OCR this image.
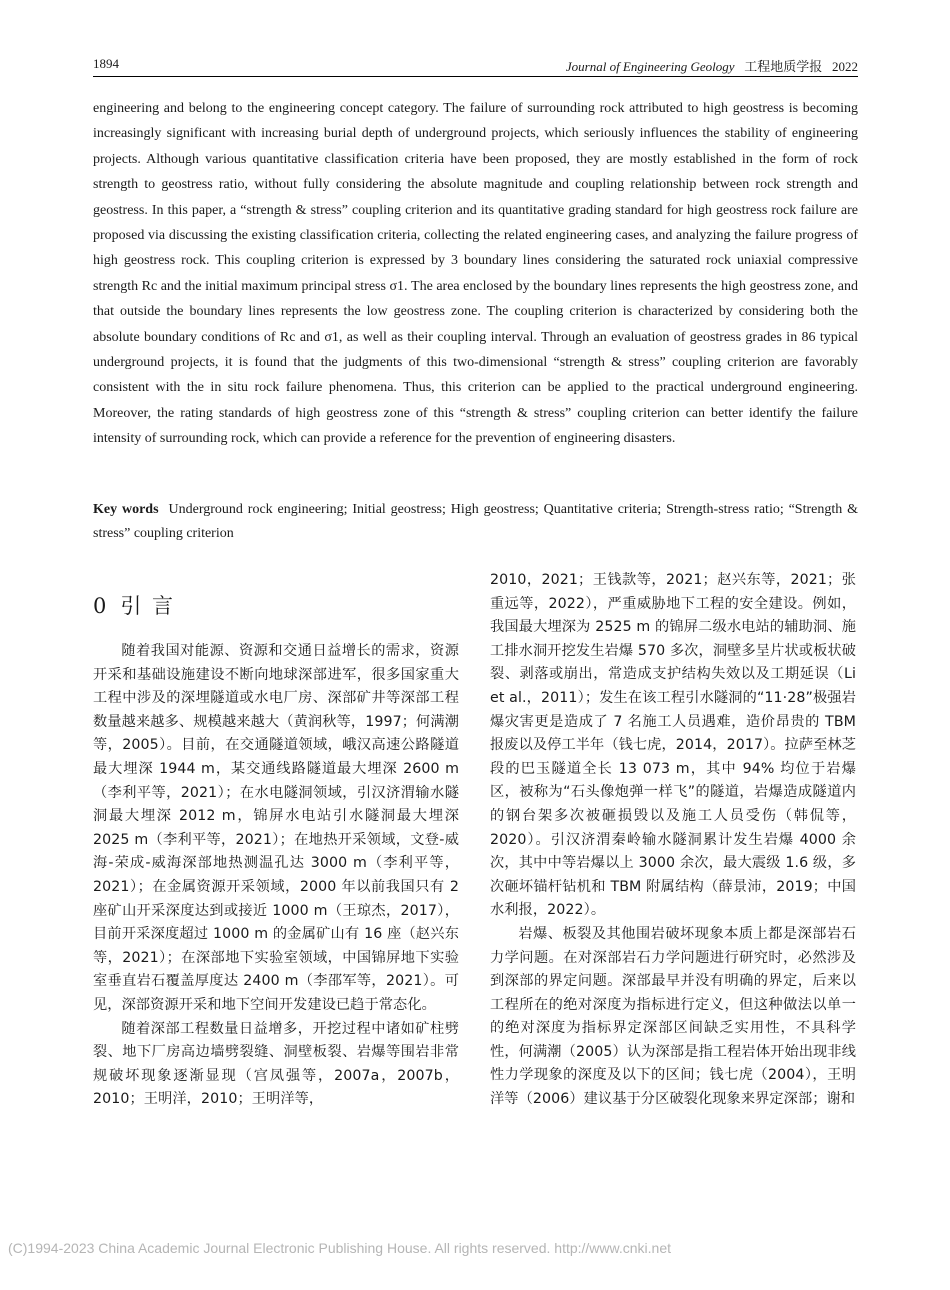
1894	Journal of Engineering Geology 工程地质学报 2022

engineering and belong to the engineering concept category. The failure of surrounding rock attributed to high geostress is becoming increasingly significant with increasing burial depth of underground projects, which seriously influences the stability of engineering projects. Although various quantitative classification criteria have been proposed, they are mostly established in the form of rock strength to geostress ratio, without fully considering the absolute magnitude and coupling relationship between rock strength and geostress. In this paper, a “strength & stress” coupling criterion and its quantitative grading standard for high geostress rock failure are proposed via discussing the existing classification criteria, collecting the related engineering cases, and analyzing the failure progress of high geostress rock. This coupling criterion is expressed by 3 boundary lines considering the saturated rock uniaxial compressive strength Rc and the initial maximum principal stress σ1. The area enclosed by the boundary lines represents the high geostress zone, and that outside the boundary lines represents the low geostress zone. The coupling criterion is characterized by considering both the absolute boundary conditions of Rc and σ1, as well as their coupling interval. Through an evaluation of geostress grades in 86 typical underground projects, it is found that the judgments of this two-dimensional “strength & stress” coupling criterion are favorably consistent with the in situ rock failure phenomena. Thus, this criterion can be applied to the practical underground engineering. Moreover, the rating standards of high geostress zone of this “strength & stress” coupling criterion can better identify the failure intensity of surrounding rock, which can provide a reference for the prevention of engineering disasters.

Key words Underground rock engineering; Initial geostress; High geostress; Quantitative criteria; Strength-stress ratio; “Strength & stress” coupling criterion

0 引 言

随着我国对能源、资源和交通日益增长的需求，资源开采和基础设施建设不断向地球深部进军，很多国家重大工程中涉及的深埋隧道或水电厂房、深部矿井等深部工程数量越来越多、规模越来越大（黄润秋等，1997；何满潮等，2005）。目前，在交通隧道领域，峨汉高速公路隧道最大埋深 1944 m，某交通线路隧道最大埋深 2600 m（李利平等，2021）；在水电隧洞领域，引汉济渭输水隧洞最大埋深 2012 m，锦屏水电站引水隧洞最大埋深 2025 m（李利平等，2021）；在地热开采领域，文登-威海-荣成-威海深部地热测温孔达 3000 m（李利平等，2021）；在金属资源开采领域，2000 年以前我国只有 2 座矿山开采深度达到或接近 1000 m（王琼杰，2017），目前开采深度超过 1000 m 的金属矿山有 16 座（赵兴东等，2021）；在深部地下实验室领域，中国锦屏地下实验室垂直岩石覆盖厚度达 2400 m（李邵军等，2021）。可见，深部资源开采和地下空间开发建设已趋于常态化。

随着深部工程数量日益增多，开挖过程中诸如矿柱劈裂、地下厂房高边墙劈裂缝、洞壁板裂、岩爆等围岩非常规破坏现象逐渐显现（宫凤强等，2007a，2007b，2010；王明洋，2010；王明洋等，

2010，2021；王钱款等，2021；赵兴东等，2021；张重远等，2022），严重威胁地下工程的安全建设。例如，我国最大埋深为 2525 m 的锦屏二级水电站的辅助洞、施工排水洞开挖发生岩爆 570 多次，洞壁多呈片状或板状破裂、剥落或崩出，常造成支护结构失效以及工期延误（Li et al.，2011）；发生在该工程引水隧洞的“11·28”极强岩爆灾害更是造成了 7 名施工人员遇难，造价昂贵的 TBM 报废以及停工半年（钱七虎，2014，2017）。拉萨至林芝段的巴玉隧道全长 13 073 m，其中 94% 均位于岩爆区，被称为“石头像炮弹一样飞”的隧道，岩爆造成隧道内的钢台架多次被砸损毁以及施工人员受伤（韩侃等，2020）。引汉济渭秦岭输水隧洞累计发生岩爆 4000 余次，其中中等岩爆以上 3000 余次，最大震级 1.6 级，多次砸坏锚杆钻机和 TBM 附属结构（薛景沛，2019；中国水利报，2022）。

岩爆、板裂及其他围岩破坏现象本质上都是深部岩石力学问题。在对深部岩石力学问题进行研究时，必然涉及到深部的界定问题。深部最早并没有明确的界定，后来以工程所在的绝对深度为指标进行定义，但这种做法以单一的绝对深度为指标界定深部区间缺乏实用性，不具科学性，何满潮（2005）认为深部是指工程岩体开始出现非线性力学现象的深度及以下的区间；钱七虎（2004），王明洋等（2006）建议基于分区破裂化现象来界定深部；谢和

(C)1994-2023 China Academic Journal Electronic Publishing House. All rights reserved. http://www.cnki.net
